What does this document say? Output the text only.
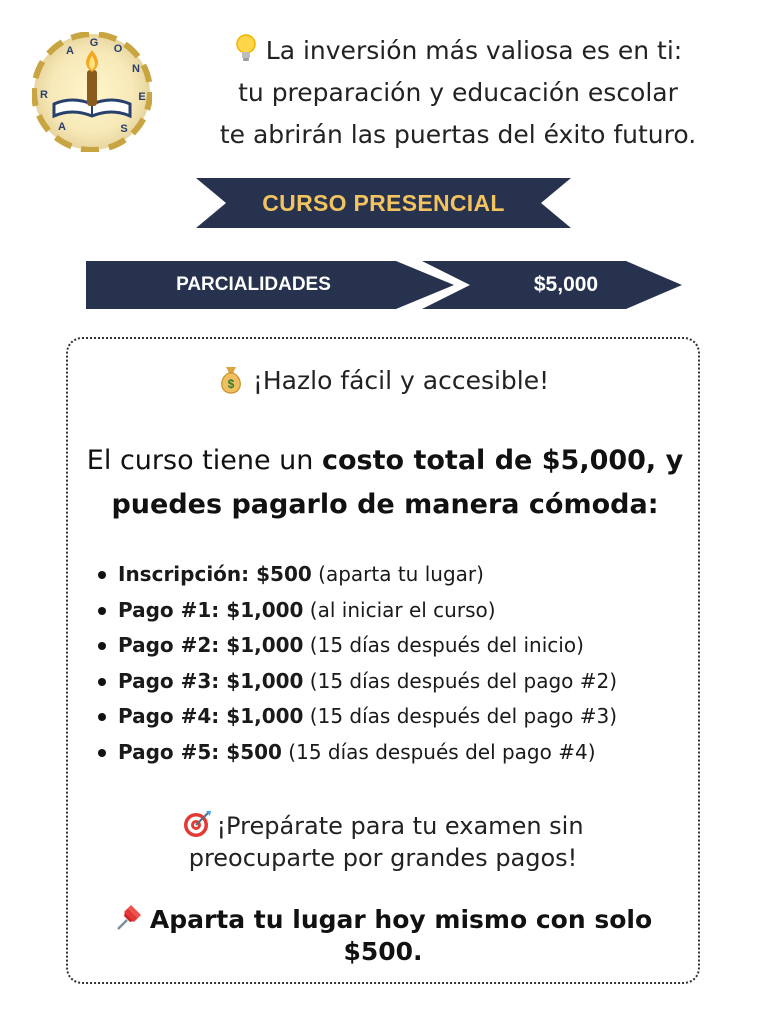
A
G O
N
E
S
A
R
La inversión más valiosa es en ti:
tu preparación y educación escolar
te abrirán las puertas del éxito futuro.
CURSO PRESENCIAL
PARCIALIDADES	$5,000
$ ¡Hazlo fácil y accesible!
El curso tiene un costo total de $5,000, y
puedes pagarlo de manera cómoda:
Inscripción: $500 (aparta tu lugar)
Pago #1: $1,000 (al iniciar el curso)
Pago #2: $1,000 (15 días después del inicio)
Pago #3: $1,000 (15 días después del pago #2)
Pago #4: $1,000 (15 días después del pago #3)
Pago #5: $500 (15 días después del pago #4)
¡Prepárate para tu examen sin
preocuparte por grandes pagos!
Aparta tu lugar hoy mismo con solo
$500.
